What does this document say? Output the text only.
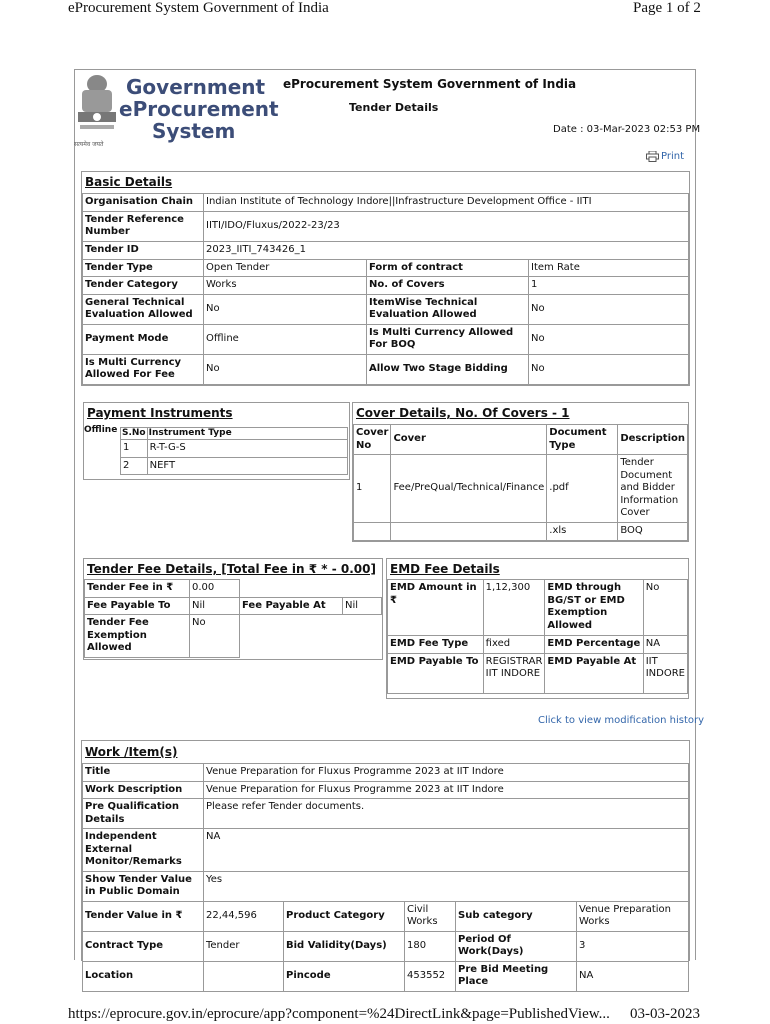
eProcurement System Government of India	Page 1 of 2
https://eprocure.gov.in/eprocure/app?component=%24DirectLink&page=PublishedView... 03-03-2023
सत्यमेव जयते
Government
eProcurement
System
eProcurement System Government of India
Tender Details
Date : 03-Mar-2023 02:53 PM
Print
Basic Details
Organisation Chain	Indian Institute of Technology Indore||Infrastructure Development Office - IITI		
Tender Reference Number	IITI/IDO/Fluxus/2022-23/23		
Tender ID	2023_IITI_743426_1		
Tender Type	Open Tender	Form of contract	Item Rate
Tender Category	Works	No. of Covers	1
General Technical Evaluation Allowed	No	ItemWise Technical Evaluation Allowed	No
Payment Mode	Offline	Is Multi Currency Allowed For BOQ	No
Is Multi Currency Allowed For Fee	No	Allow Two Stage Bidding	No
Payment Instruments
Offline S.No	Instrument Type
1	R-T-G-S
2	NEFT
Cover Details, No. Of Covers - 1
Cover No	Cover	Document Type	Description
1	Fee/PreQual/Technical/Finance	.pdf	Tender Document and Bidder Information Cover
		.xls	BOQ
Tender Fee Details, [Total Fee in ₹ * - 0.00]
Tender Fee in ₹	0.00		
Fee Payable To	Nil	Fee Payable At	Nil
Tender Fee Exemption Allowed	No		
EMD Fee Details
EMD Amount in ₹	1,12,300	EMD through BG/ST or EMD Exemption Allowed	No
EMD Fee Type	fixed	EMD Percentage	NA
EMD Payable To	REGISTRAR IIT INDORE	EMD Payable At	IIT INDORE
Click to view modification history
Work /Item(s)
Title	Venue Preparation for Fluxus Programme 2023 at IIT Indore				
Work Description	Venue Preparation for Fluxus Programme 2023 at IIT Indore				
Pre Qualification Details	Please refer Tender documents.				
Independent External Monitor/Remarks	NA				
Show Tender Value in Public Domain	Yes				
Tender Value in ₹	22,44,596	Product Category	Civil Works	Sub category	Venue Preparation Works
Contract Type	Tender	Bid Validity(Days)	180	Period Of Work(Days)	3
Location		Pincode	453552	Pre Bid Meeting Place	NA
